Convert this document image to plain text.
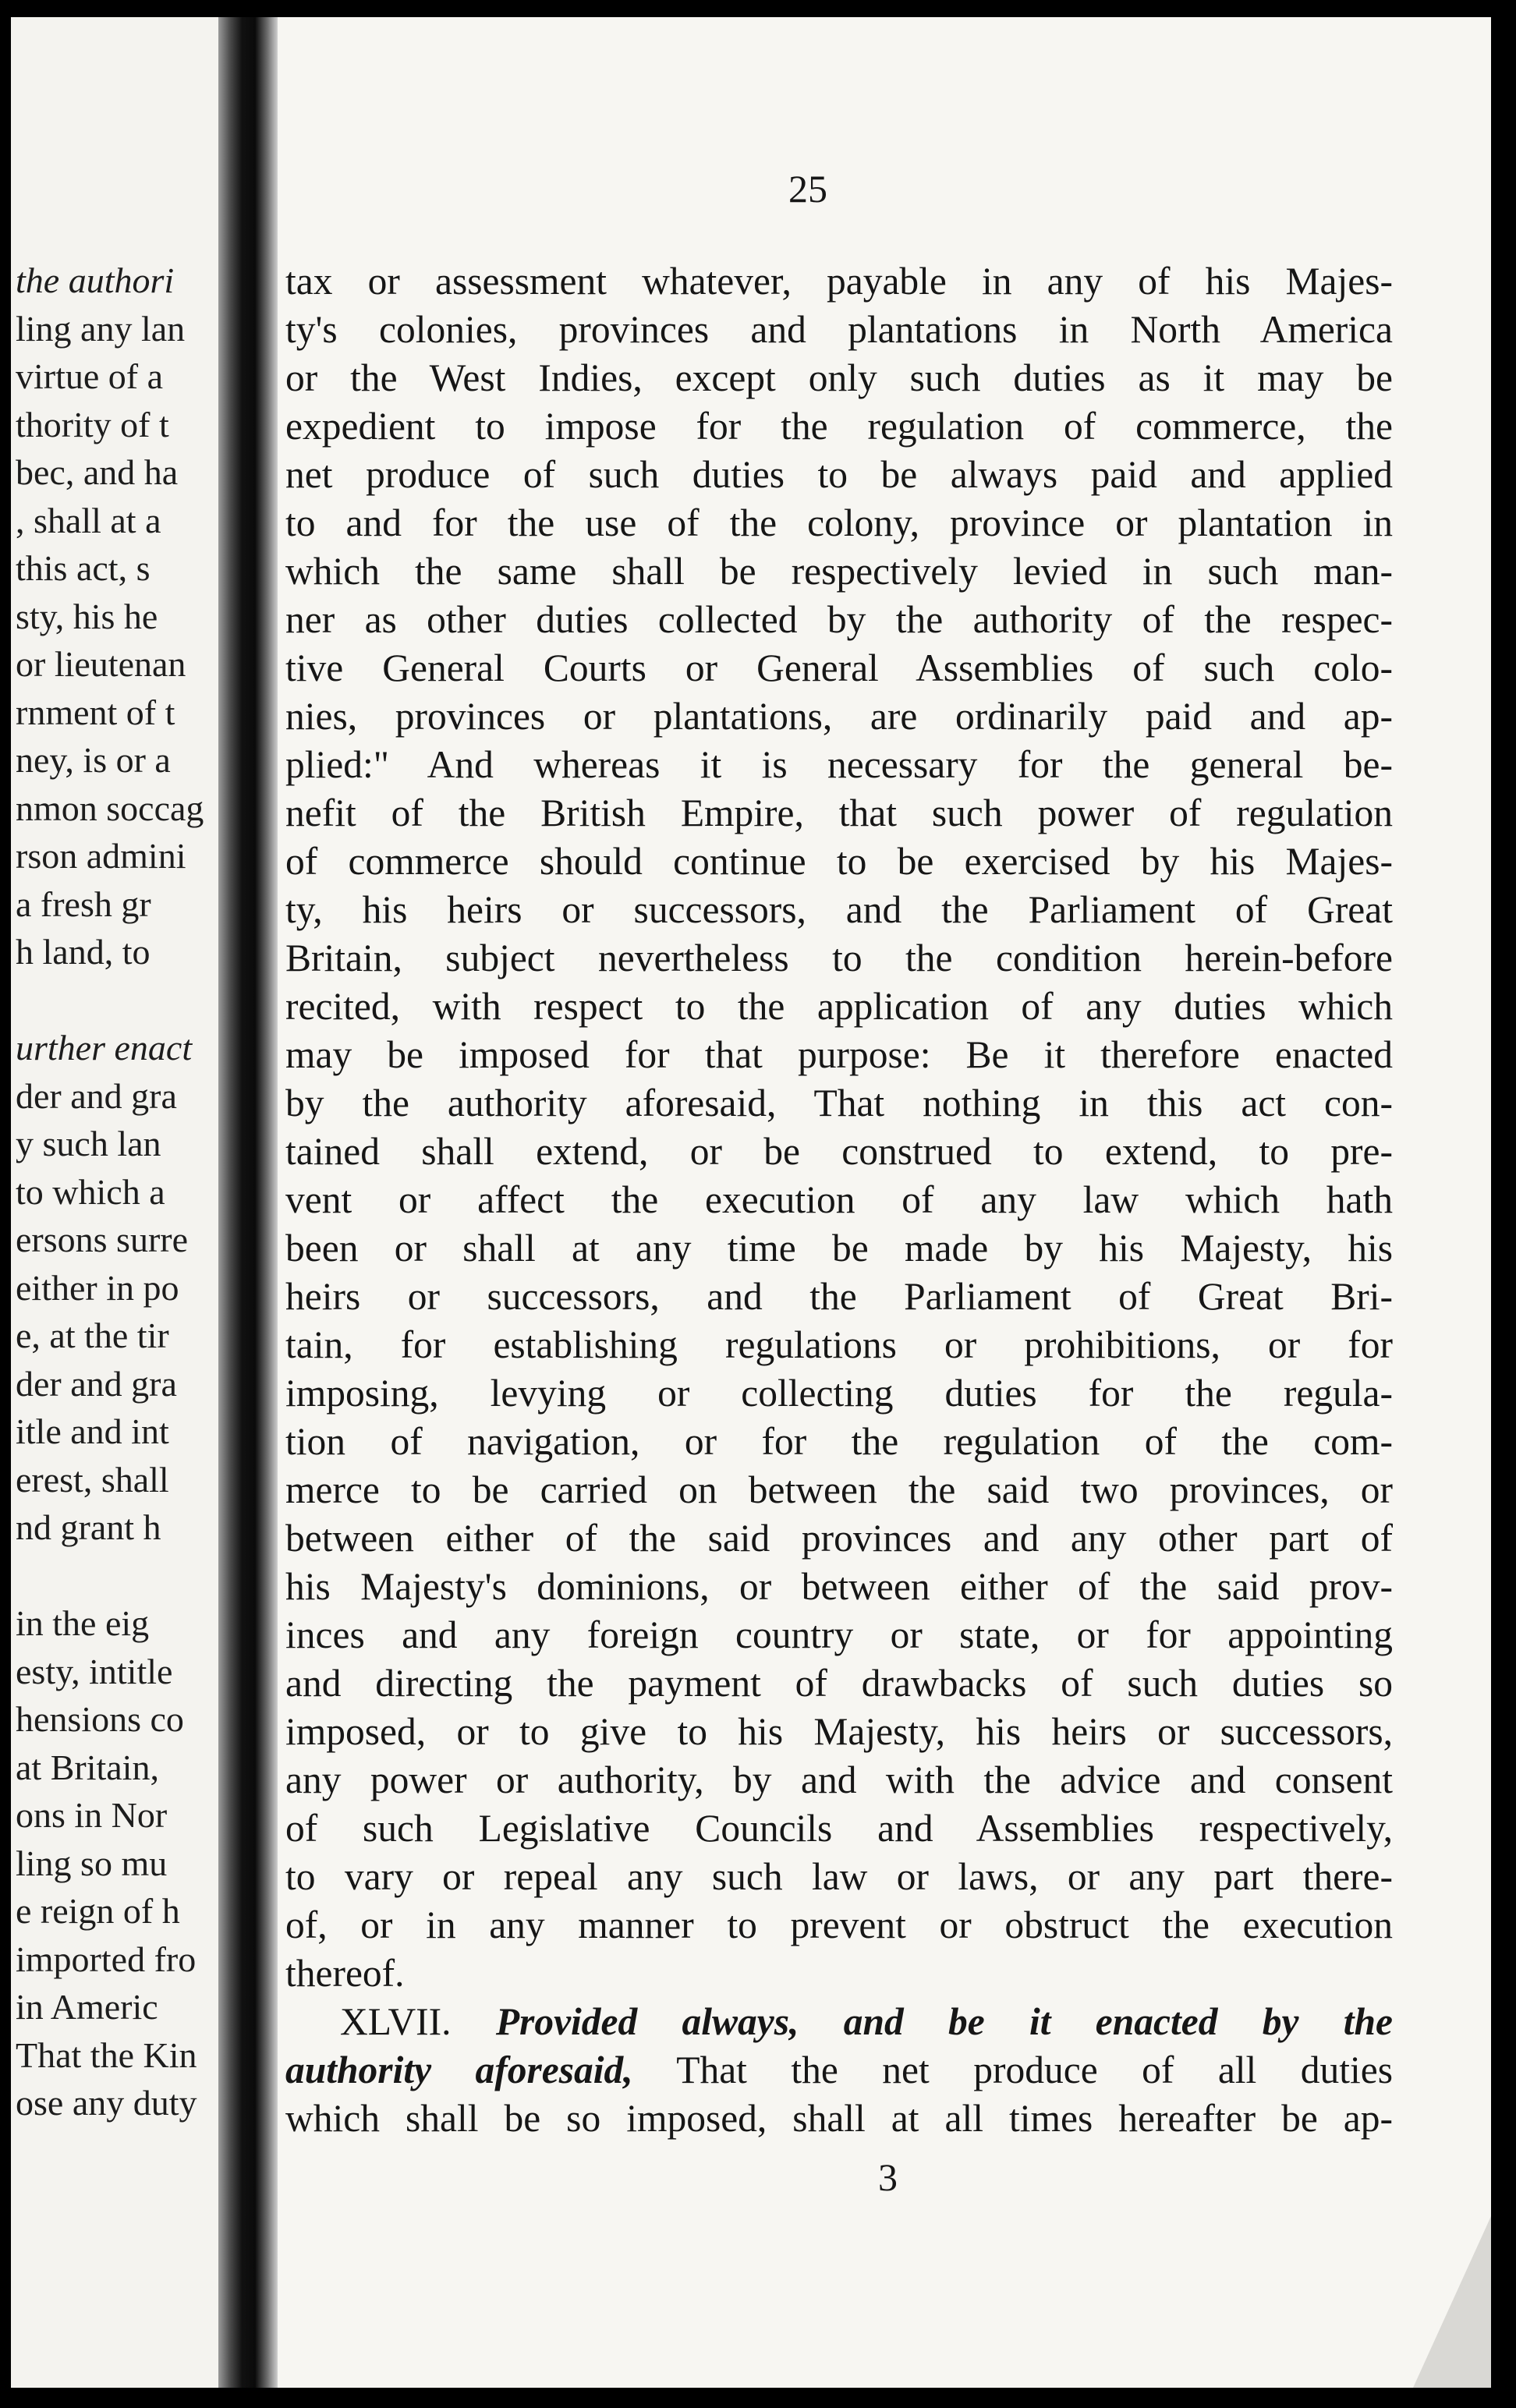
the authori
ling any lan
virtue of a
thority of t
bec, and ha
, shall at a
this act, s
sty, his he
or lieutenan
rnment of t
ney, is or a
nmon soccag
rson admini
a fresh gr
h land, to
urther enact
der and gra
y such lan
to which a
ersons surre
either in po
e, at the tir
der and gra
itle and int
erest, shall
nd grant h
in the eig
esty, intitle
hensions co
at Britain,
ons in Nor
ling so mu
e reign of h
imported fro
in Americ
That the Kin
ose any duty
25
tax or assessment whatever, payable in any of his Majes-
ty's colonies, provinces and plantations in North America
or the West Indies, except only such duties as it may be
expedient to impose for the regulation of commerce, the
net produce of such duties to be always paid and applied
to and for the use of the colony, province or plantation in
which the same shall be respectively levied in such man-
ner as other duties collected by the authority of the respec-
tive General Courts or General Assemblies of such colo-
nies, provinces or plantations, are ordinarily paid and ap-
plied:" And whereas it is necessary for the general be-
nefit of the British Empire, that such power of regulation
of commerce should continue to be exercised by his Majes-
ty, his heirs or successors, and the Parliament of Great
Britain, subject nevertheless to the condition herein-before
recited, with respect to the application of any duties which
may be imposed for that purpose: Be it therefore enacted
by the authority aforesaid, That nothing in this act con-
tained shall extend, or be construed to extend, to pre-
vent or affect the execution of any law which hath
been or shall at any time be made by his Majesty, his
heirs or successors, and the Parliament of Great Bri-
tain, for establishing regulations or prohibitions, or for
imposing, levying or collecting duties for the regula-
tion of navigation, or for the regulation of the com-
merce to be carried on between the said two provinces, or
between either of the said provinces and any other part of
his Majesty's dominions, or between either of the said prov-
inces and any foreign country or state, or for appointing
and directing the payment of drawbacks of such duties so
imposed, or to give to his Majesty, his heirs or successors,
any power or authority, by and with the advice and consent
of such Legislative Councils and Assemblies respectively,
to vary or repeal any such law or laws, or any part there-
of, or in any manner to prevent or obstruct the execution
thereof.
XLVII. Provided always, and be it enacted by the
authority aforesaid, That the net produce of all duties
which shall be so imposed, shall at all times hereafter be ap-
3
